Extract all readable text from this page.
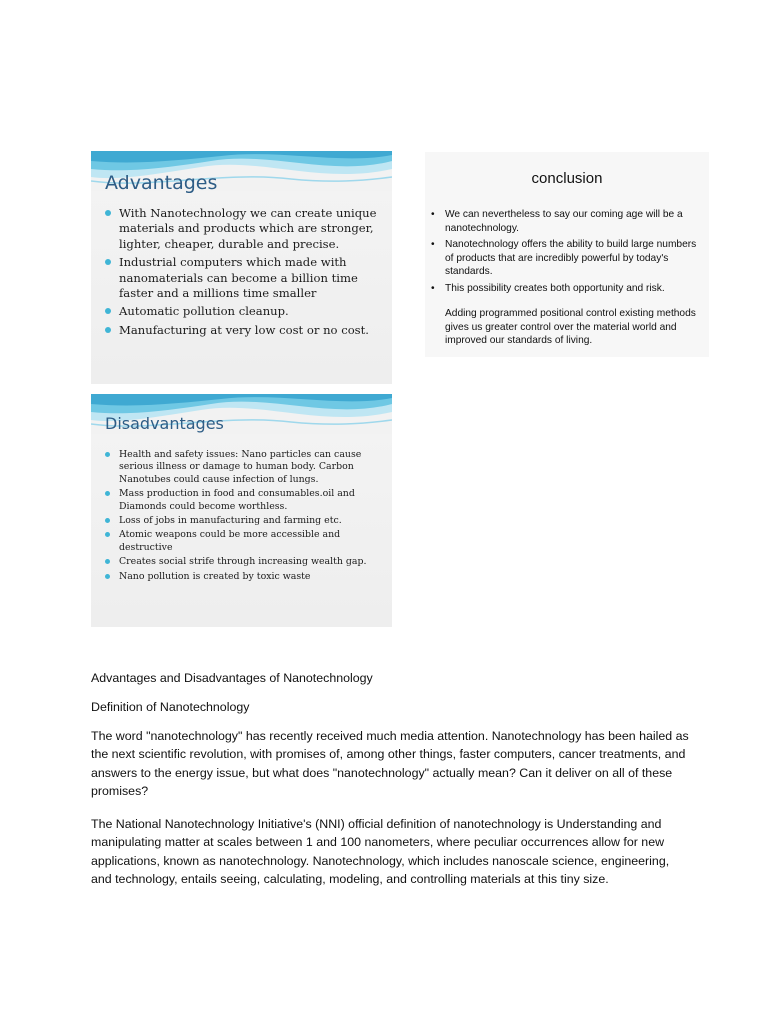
Advantages
With Nanotechnology we can create unique materials and products which are stronger, lighter, cheaper, durable and precise.
Industrial computers which made with nanomaterials can become a billion time faster and a millions time smaller
Automatic pollution cleanup.
Manufacturing at very low cost or no cost.
conclusion
• We can nevertheless to say our coming age will be a nanotechnology.
• Nanotechnology offers the ability to build large numbers of products that are incredibly powerful by today's standards.
• This possibility creates both opportunity and risk.

Adding programmed positional control existing methods gives us greater control over the material world and improved our standards of living.

Disadvantages
Health and safety issues: Nano particles can cause serious illness or damage to human body. Carbon Nanotubes could cause infection of lungs.
Mass production in food and consumables.oil and Diamonds could become worthless.
Loss of jobs in manufacturing and farming etc.
Atomic weapons could be more accessible and destructive
Creates social strife through increasing wealth gap.
Nano pollution is created by toxic waste

Advantages and Disadvantages of Nanotechnology

Definition of Nanotechnology

The word "nanotechnology" has recently received much media attention. Nanotechnology has been hailed as the next scientific revolution, with promises of, among other things, faster computers, cancer treatments, and answers to the energy issue, but what does "nanotechnology" actually mean? Can it deliver on all of these promises?

The National Nanotechnology Initiative's (NNI) official definition of nanotechnology is Understanding and manipulating matter at scales between 1 and 100 nanometers, where peculiar occurrences allow for new applications, known as nanotechnology. Nanotechnology, which includes nanoscale science, engineering, and technology, entails seeing, calculating, modeling, and controlling materials at this tiny size.
